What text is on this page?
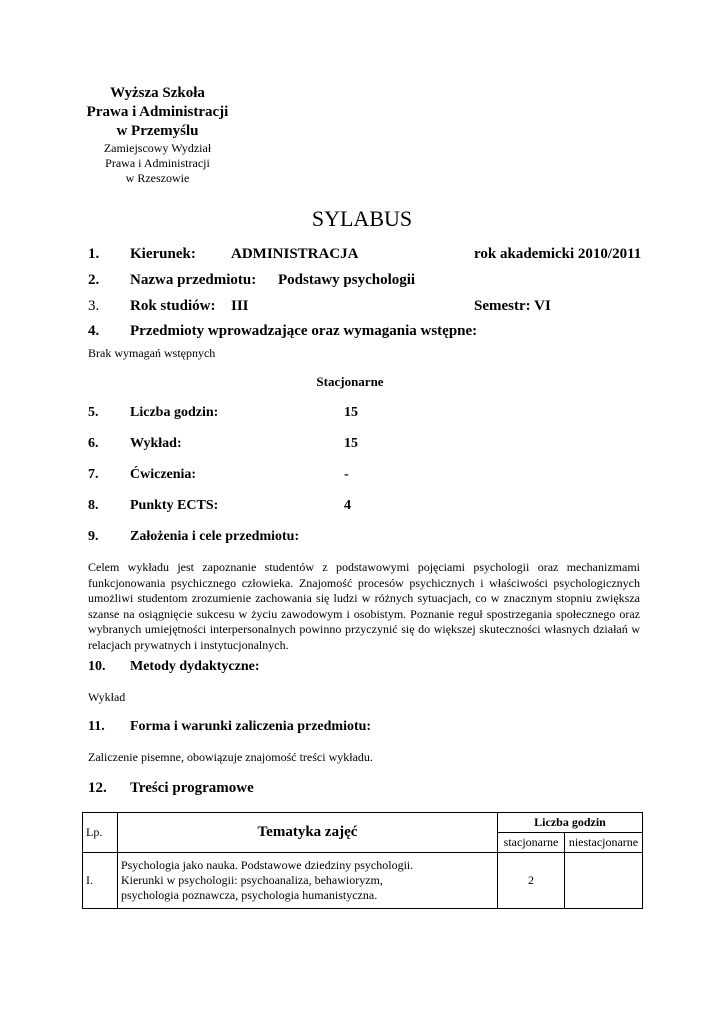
Wyższa Szkoła
Prawa i Administracji
w Przemyślu
Zamiejscowy Wydział
Prawa i Administracji
w Rzeszowie
SYLABUS
1. Kierunek: ADMINISTRACJA	rok akademicki 2010/2011
2. Nazwa przedmiotu: Podstawy psychologii
3. Rok studiów: III	Semestr: VI
4. Przedmioty wprowadzające oraz wymagania wstępne:
Brak wymagań wstępnych
Stacjonarne
5. Liczba godzin:	15
6. Wykład:	15
7. Ćwiczenia:	-
8. Punkty ECTS:	4
9. Założenia i cele przedmiotu:
Celem wykładu jest zapoznanie studentów z podstawowymi pojęciami psychologii oraz mechanizmami funkcjonowania psychicznego człowieka. Znajomość procesów psychicznych i właściwości psychologicznych umożliwi studentom zrozumienie zachowania się ludzi w różnych sytuacjach, co w znacznym stopniu zwiększa szanse na osiągnięcie sukcesu w życiu zawodowym i osobistym. Poznanie reguł spostrzegania społecznego oraz wybranych umiejętności interpersonalnych powinno przyczynić się do większej skuteczności własnych działań w relacjach prywatnych i instytucjonalnych.
10. Metody dydaktyczne:
Wykład
11. Forma i warunki zaliczenia przedmiotu:
Zaliczenie pisemne, obowiązuje znajomość treści wykładu.
12. Treści programowe
Lp.	Tematyka zajęć	Liczba godzin	
		stacjonarne	niestacjonarne
I.	Psychologia jako nauka. Podstawowe dziedziny psychologii.
Kierunki w psychologii: psychoanaliza, behawioryzm,
psychologia poznawcza, psychologia humanistyczna.	2	
